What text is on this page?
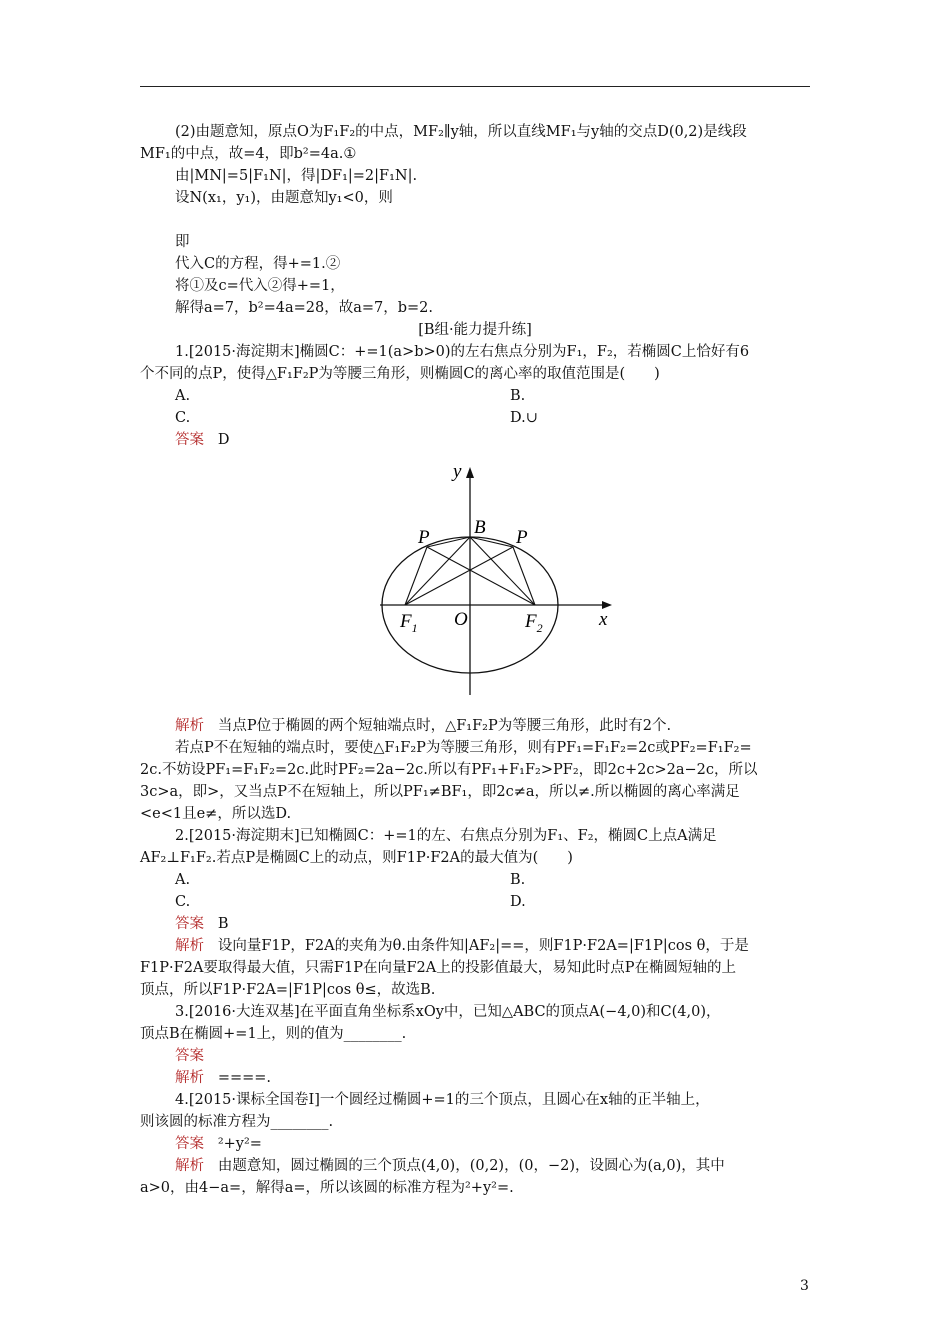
(2)由题意知，原点O为F₁F₂的中点，MF₂∥y轴，所以直线MF₁与y轴的交点D(0,2)是线段
MF₁的中点，故=4，即b²=4a.①
由|MN|=5|F₁N|，得|DF₁|=2|F₁N|.
设N(x₁，y₁)，由题意知y₁<0，则
即
代入C的方程，得+=1.②
将①及c=代入②得+=1，
解得a=7，b²=4a=28，故a=7，b=2.
[B组·能力提升练]
1.[2015·海淀期末]椭圆C：+=1(a>b>0)的左右焦点分别为F₁，F₂，若椭圆C上恰好有6
个不同的点P，使得△F₁F₂P为等腰三角形，则椭圆C的离心率的取值范围是(　　)
A.	B.
C.	D.∪
答案 D
y
x
O
B
P	P
$F_1$	$F_2$
解析 当点P位于椭圆的两个短轴端点时，△F₁F₂P为等腰三角形，此时有2个.
若点P不在短轴的端点时，要使△F₁F₂P为等腰三角形，则有PF₁=F₁F₂=2c或PF₂=F₁F₂=
2c.不妨设PF₁=F₁F₂=2c.此时PF₂=2a−2c.所以有PF₁+F₁F₂>PF₂，即2c+2c>2a−2c，所以
3c>a，即>，又当点P不在短轴上，所以PF₁≠BF₁，即2c≠a，所以≠.所以椭圆的离心率满足
<e<1且e≠，所以选D.
2.[2015·海淀期末]已知椭圆C：+=1的左、右焦点分别为F₁、F₂，椭圆C上点A满足
AF₂⊥F₁F₂.若点P是椭圆C上的动点，则F1P·F2A的最大值为(　　)
A.	B.
C.	D.
答案 B
解析 设向量F1P，F2A的夹角为θ.由条件知|AF₂|==，则F1P·F2A=|F1P|cos θ，于是
F1P·F2A要取得最大值，只需F1P在向量F2A上的投影值最大，易知此时点P在椭圆短轴的上
顶点，所以F1P·F2A=|F1P|cos θ≤，故选B.
3.[2016·大连双基]在平面直角坐标系xOy中，已知△ABC的顶点A(−4,0)和C(4,0)，
顶点B在椭圆+=1上，则的值为________.
答案
解析 ====.
4.[2015·课标全国卷Ⅰ]一个圆经过椭圆+=1的三个顶点，且圆心在x轴的正半轴上，
则该圆的标准方程为________.
答案 ²+y²=
解析 由题意知，圆过椭圆的三个顶点(4,0)，(0,2)，(0，−2)，设圆心为(a,0)，其中
a>0，由4−a=，解得a=，所以该圆的标准方程为²+y²=.
3
